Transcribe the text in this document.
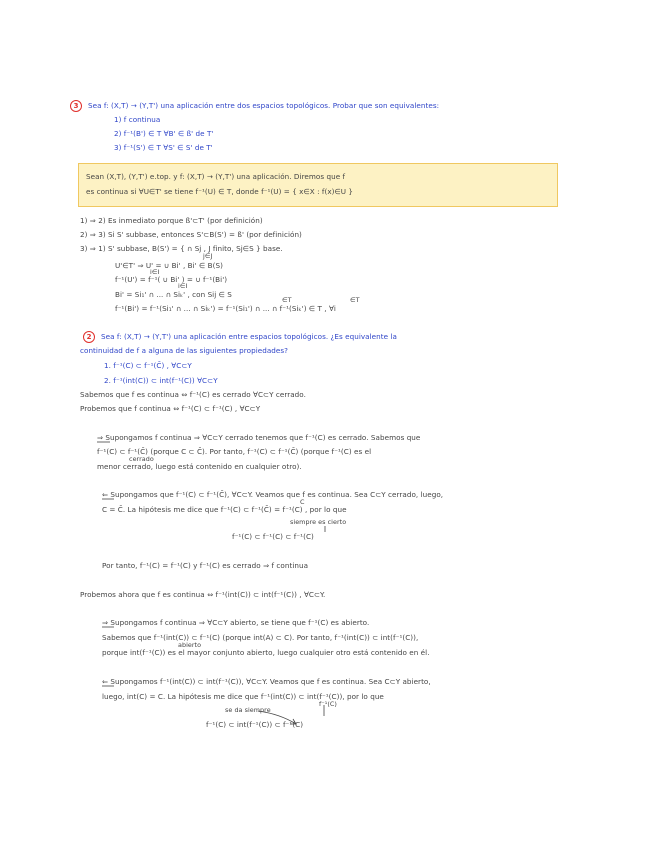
3	Sea f: (X,T) → (Y,T') una aplicación entre dos espacios topológicos. Probar que son equivalentes:
1) f continua
2) f⁻¹(B') ∈ T ∀B' ∈ ß' de T'
3) f⁻¹(S') ∈ T ∀S' ∈ S' de T'
Sean (X,T), (Y,T') e.top. y f: (X,T) → (Y,T') una aplicación. Diremos que f
es continua si ∀U∈T' se tiene f⁻¹(U) ∈ T, donde f⁻¹(U) = { x∈X : f(x)∈U }
1) ⇒ 2) Es inmediato porque ß'⊂T' (por definición)
2) ⇒ 3) Si S' subbase, entonces S'⊂B(S') = ß' (por definición)
3) ⇒ 1) S' subbase, B(S') = { ∩ Sj , J finito, Sj∈S } base.
j∈J
U'∈T' ⇒ U' = ∪ Bi' , Bi' ∈ B(S)
i∈I
f⁻¹(U') = f⁻¹( ∪ Bi' ) = ∪ f⁻¹(Bi')
i∈I
Bi' = Si₁' ∩ ... ∩ Siₖ' , con Sij ∈ S
∈T	∈T
f⁻¹(Bi') = f⁻¹(Si₁' ∩ ... ∩ Siₖ') = f⁻¹(Si₁') ∩ ... ∩ f⁻¹(Siₖ') ∈ T , ∀i
2	Sea f: (X,T) → (Y,T') una aplicación entre espacios topológicos. ¿Es equivalente la
continuidad de f a alguna de las siguientes propiedades?
1. f⁻¹(C) ⊂ f⁻¹(C̄) , ∀C⊂Y
2. f⁻¹(int(C)) ⊂ int(f⁻¹(C)) ∀C⊂Y
Sabemos que f es continua ⇔ f⁻¹(C) es cerrado ∀C⊂Y cerrado.
Probemos que f continua ⇔ f⁻¹(C) ⊂ f⁻¹(C) , ∀C⊂Y
⇒ Supongamos f continua ⇒ ∀C⊂Y cerrado tenemos que f⁻¹(C) es cerrado. Sabemos que
f⁻¹(C) ⊂ f⁻¹(C̄) (porque C ⊂ C̄). Por tanto, f⁻¹(C) ⊂ f⁻¹(C̄) (porque f⁻¹(C) es el
cerrado
menor cerrado, luego está contenido en cualquier otro).
⇐ Supongamos que f⁻¹(C) ⊂ f⁻¹(C̄), ∀C⊂Y. Veamos que f es continua. Sea C⊂Y cerrado, luego,
C
C = C̄. La hipótesis me dice que f⁻¹(C) ⊂ f⁻¹(C̄) = f⁻¹(C) , por lo que
siempre es cierto
f⁻¹(C) ⊂ f⁻¹(C) ⊂ f⁻¹(C)
Por tanto, f⁻¹(C) = f⁻¹(C) y f⁻¹(C) es cerrado ⇒ f continua
Probemos ahora que f es continua ⇔ f⁻¹(int(C)) ⊂ int(f⁻¹(C)) , ∀C⊂Y.
⇒ Supongamos f continua ⇒ ∀C⊂Y abierto, se tiene que f⁻¹(C) es abierto.
Sabemos que f⁻¹(int(C)) ⊂ f⁻¹(C) (porque int(A) ⊂ C). Por tanto, f⁻¹(int(C)) ⊂ int(f⁻¹(C)),
abierto
porque int(f⁻¹(C)) es el mayor conjunto abierto, luego cualquier otro está contenido en él.
⇐ Supongamos f⁻¹(int(C)) ⊂ int(f⁻¹(C)), ∀C⊂Y. Veamos que f es continua. Sea C⊂Y abierto,
luego, int(C) = C. La hipótesis me dice que f⁻¹(int(C)) ⊂ int(f⁻¹(C)), por lo que
f⁻¹(C)
se da siempre
f⁻¹(C) ⊂ int(f⁻¹(C)) ⊂ f⁻¹(C)
